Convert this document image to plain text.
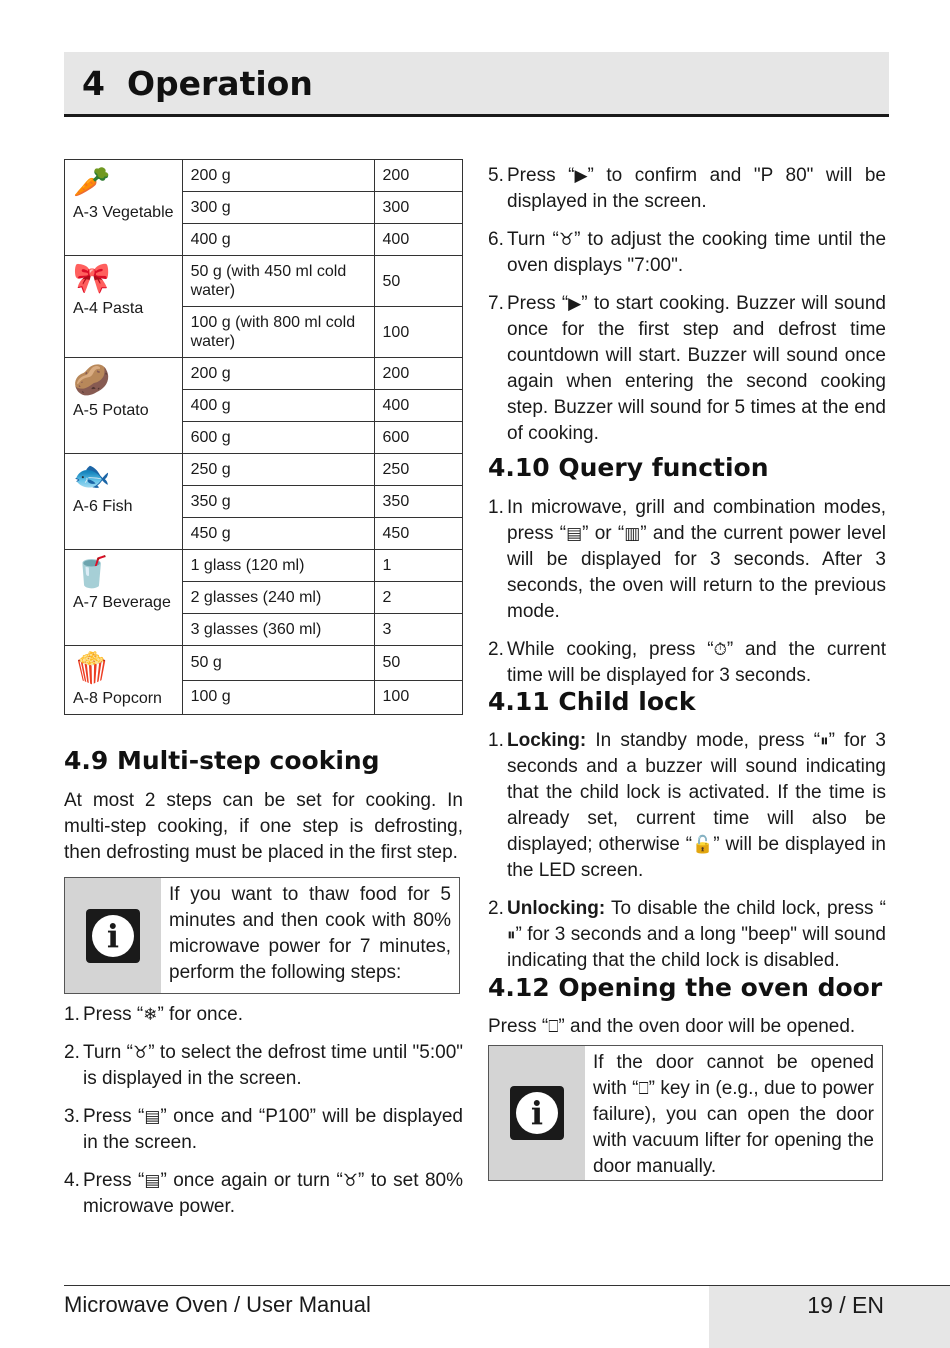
4 Operation
🥕
A-3 Vegetable	200 g	200
	300 g	300
	400 g	400

🎀
A-4 Pasta	50 g (with 450 ml cold water)	50
	100 g (with 800 ml cold water)	100

🥔
A-5 Potato	200 g	200
	400 g	400
	600 g	600

🐟
A-6 Fish	250 g	250
	350 g	350
	450 g	450

🥤
A-7 Beverage	1 glass (120 ml)	1
	2 glasses (240 ml)	2
	3 glasses (360 ml)	3

🍿
A-8 Popcorn	50 g	50
	100 g	100
4.9 Multi-step cooking
At most 2 steps can be set for cooking. In multi-step cooking, if one step is defrosting, then defrosting must be placed in the first step.
i
If you want to thaw food for 5 minutes and then cook with 80% microwave power for 7 minutes, perform the following steps:
1. Press “❄” for once.
2. Turn “♉” to select the defrost time until "5:00" is displayed in the screen.
3. Press “▤” once and “P100” will be displayed in the screen.
4. Press “▤” once again or turn “♉” to set 80% microwave power.
5. Press “▶” to confirm and "P 80" will be displayed in the screen.
6. Turn “♉” to adjust the cooking time until the oven displays "7:00".
7. Press “▶” to start cooking. Buzzer will sound once for the first step and defrost time countdown will start. Buzzer will sound once again when entering the second cooking step. Buzzer will sound for 5 times at the end of cooking.
4.10 Query function
1. In microwave, grill and combination modes, press “▤” or “▥” and the current power level will be displayed for 3 seconds. After 3 seconds, the oven will return to the previous mode.
2. While cooking, press “⏱” and the current time will be displayed for 3 seconds.
4.11 Child lock
1. Locking: In standby mode, press “⏸” for 3 seconds and a buzzer will sound indicating that the child lock is activated. If the time is already set, current time will also be displayed; otherwise “🔓” will be displayed in the LED screen.
2. Unlocking: To disable the child lock, press “⏸” for 3 seconds and a long "beep" will sound indicating that the child lock is disabled.
4.12 Opening the oven door
Press “⎕” and the oven door will be opened.
i
If the door cannot be opened with “⎕” key in (e.g., due to power failure), you can open the door with vacuum lifter for opening the door manually.
Microwave Oven / User Manual	19 / EN
